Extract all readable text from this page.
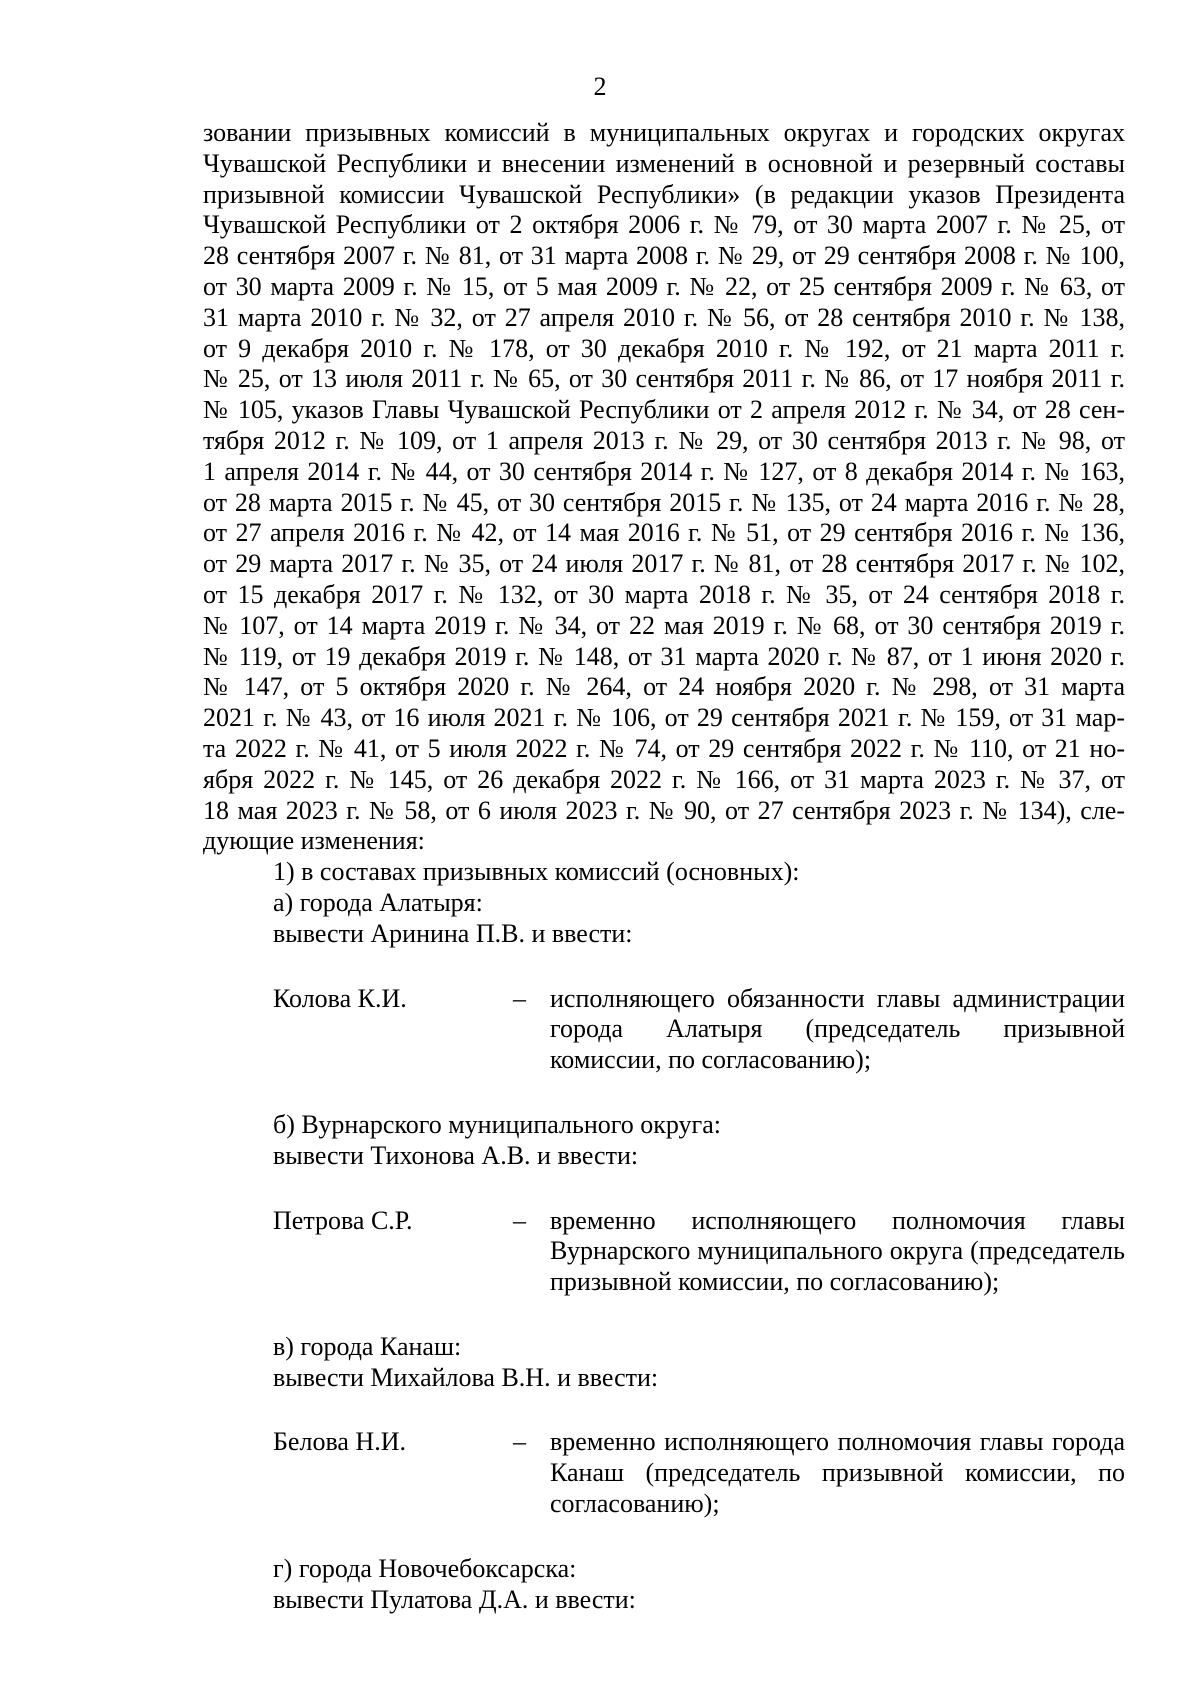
2
зовании призывных комиссий в муниципальных округах и городских округах
Чувашской Республики и внесении изменений в основной и резервный составы
призывной комиссии Чувашской Республики» (в редакции указов Президента
Чувашской Республики от 2 октября 2006 г. № 79, от 30 марта 2007 г. № 25, от
28 сентября 2007 г. № 81, от 31 марта 2008 г. № 29, от 29 сентября 2008 г. № 100,
от 30 марта 2009 г. № 15, от 5 мая 2009 г. № 22, от 25 сентября 2009 г. № 63, от
31 марта 2010 г. № 32, от 27 апреля 2010 г. № 56, от 28 сентября 2010 г. № 138,
от 9 декабря 2010 г. № 178, от 30 декабря 2010 г. № 192, от 21 марта 2011 г.
№ 25, от 13 июля 2011 г. № 65, от 30 сентября 2011 г. № 86, от 17 ноября 2011 г.
№ 105, указов Главы Чувашской Республики от 2 апреля 2012 г. № 34, от 28 сен-
тября 2012 г. № 109, от 1 апреля 2013 г. № 29, от 30 сентября 2013 г. № 98, от
1 апреля 2014 г. № 44, от 30 сентября 2014 г. № 127, от 8 декабря 2014 г. № 163,
от 28 марта 2015 г. № 45, от 30 сентября 2015 г. № 135, от 24 марта 2016 г. № 28,
от 27 апреля 2016 г. № 42, от 14 мая 2016 г. № 51, от 29 сентября 2016 г. № 136,
от 29 марта 2017 г. № 35, от 24 июля 2017 г. № 81, от 28 сентября 2017 г. № 102,
от 15 декабря 2017 г. № 132, от 30 марта 2018 г. № 35, от 24 сентября 2018 г.
№ 107, от 14 марта 2019 г. № 34, от 22 мая 2019 г. № 68, от 30 сентября 2019 г.
№ 119, от 19 декабря 2019 г. № 148, от 31 марта 2020 г. № 87, от 1 июня 2020 г.
№ 147, от 5 октября 2020 г. № 264, от 24 ноября 2020 г. № 298, от 31 марта
2021 г. № 43, от 16 июля 2021 г. № 106, от 29 сентября 2021 г. № 159, от 31 мар-
та 2022 г. № 41, от 5 июля 2022 г. № 74, от 29 сентября 2022 г. № 110, от 21 но-
ября 2022 г. № 145, от 26 декабря 2022 г. № 166, от 31 марта 2023 г. № 37, от
18 мая 2023 г. № 58, от 6 июля 2023 г. № 90, от 27 сентября 2023 г. № 134), сле-
дующие изменения:
1) в составах призывных комиссий (основных):
а) города Алатыря:
вывести Аринина П.В. и ввести:
Колова К.И.	– исполняющего обязанности главы администрации города Алатыря (председатель призывной комиссии, по согласованию);
б) Вурнарского муниципального округа:
вывести Тихонова А.В. и ввести:
Петрова С.Р.	– временно исполняющего полномочия главы Вурнарского муниципального округа (председатель призывной комиссии, по согласованию);
в) города Канаш:
вывести Михайлова В.Н. и ввести:
Белова Н.И.	– временно исполняющего полномочия главы города Канаш (председатель призывной комиссии, по согласованию);
г) города Новочебоксарска:
вывести Пулатова Д.А. и ввести:
